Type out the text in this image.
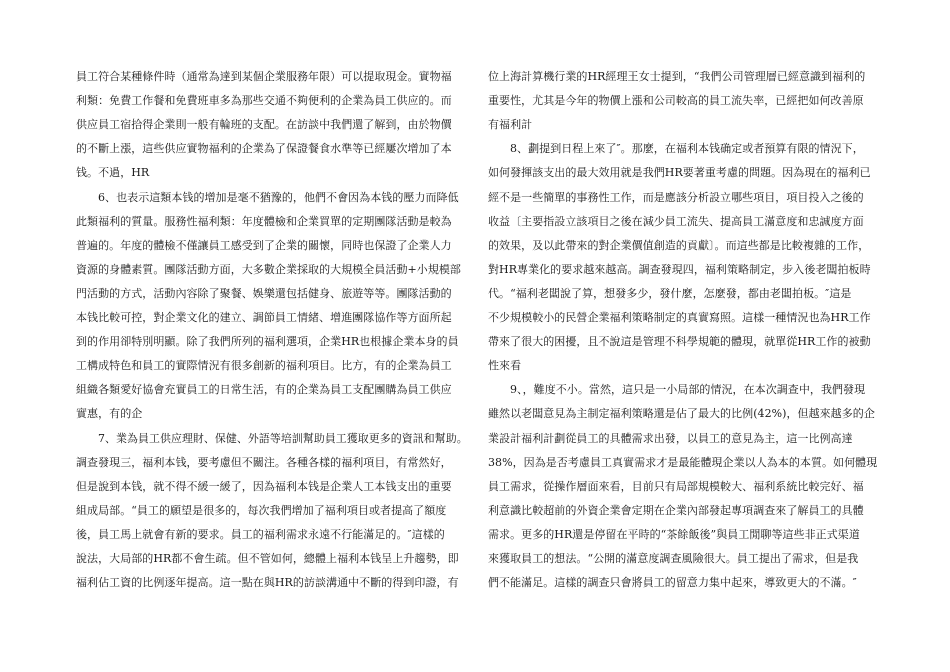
員工符合某種條件時（通常為達到某個企業服務年限）可以提取現金。實物福
利類：免費工作餐和免費班車多為那些交通不夠便利的企業為員工供应的。而
供应員工宿拾得企業則一般有輪班的支配。在訪談中我們還了解到，由於物價
的不斷上漲，這些供应實物福利的企業為了保證餐食水準等已經屢次增加了本
钱。不過，HR
6、也表示這類本钱的增加是毫不猶豫的，他們不會因為本钱的壓力而降低
此類福利的質量。服務性福利類：年度體檢和企業買單的定期團隊活動是較為
普遍的。年度的體檢不僅讓員工感受到了企業的關懷，同時也保證了企業人力
資源的身體素質。團隊活動方面，大多數企業採取的大規模全員活動+小規模部
門活動的方式，活動內容除了聚餐、娛樂還包括健身、旅遊等等。團隊活動的
本钱比較可控，對企業文化的建立、調節員工情緒、增進團隊協作等方面所起
到的作用卻特別明顯。除了我們所列的福利選項，企業HR也根據企業本身的員
工構成特色和員工的實際情況有很多創新的福利項目。比方，有的企業為員工
組織各類愛好協會充實員工的日常生活，有的企業為員工支配團購為員工供应
實惠，有的企
7、業為員工供应理財、保健、外語等培訓幫助員工獲取更多的資訊和幫助。
調查發現三，福利本钱，要考慮但不關注。各種各樣的福利項目，有常然好，
但是說到本钱，就不得不緩一緩了，因為福利本钱是企業人工本钱支出的重要
組成局部。“員工的願望是很多的，每次我們增加了福利項目或者提高了額度
後，員工馬上就會有新的要求。員工的福利需求永遠不行能滿足的。″這樣的
說法，大局部的HR都不會生疏。但不管如何，總體上福利本钱呈上升趨勢，即
福利佔工資的比例逐年提高。這一點在與HR的訪談溝通中不斷的得到印證，有
位上海計算機行業的HR經理王女士提到，“我們公司管理層已經意識到福利的
重要性，尤其是今年的物價上漲和公司較高的員工流失率，已經把如何改善原
有福利計
8、劃提到日程上來了″。那麼，在福利本钱确定或者預算有限的情況下，
如何發揮該支出的最大效用就是我們HR要著重考慮的問題。因為現在的福利已
經不是一些簡單的事務性工作，而是應該分析設立哪些項目，項目投入之後的
收益〔主要指設立該項目之後在減少員工流失、提高員工滿意度和忠誠度方面
的效果，及以此帶來的對企業價值創造的貢獻〕。而這些都是比較複雜的工作，
對HR專業化的要求越來越高。調查發現四，福利策略制定，步入後老闆拍板時
代。“福利老闆說了算，想發多少，發什麼，怎麼發，都由老闆拍板。″這是
不少規模較小的民營企業福利策略制定的真實寫照。這樣一種情況也為HR工作
帶來了很大的困擾，且不說這是管理不科學規範的體現，就單從HR工作的被動
性來看
9、，難度不小。當然，這只是一小局部的情況，在本次調查中，我們發現
雖然以老闆意見為主制定福利策略還是佔了最大的比例(42%)，但越來越多的企
業設計福利計劃從員工的具體需求出發，以員工的意見為主，這一比例高達
38%，因為是否考慮員工真實需求才是最能體現企業以人為本的本質。如何體現
員工需求，從操作層面來看，目前只有局部規模較大、福利系統比較完好、福
利意識比較超前的外資企業會定期在企業內部發起專項調查來了解員工的具體
需求。更多的HR還是停留在平時的“茶餘飯後”與員工閒聊等這些非正式渠道
來獲取員工的想法。“公開的滿意度調查風險很大。員工提出了需求，但是我
們不能滿足。這樣的調查只會將員工的留意力集中起來，導致更大的不滿。″
